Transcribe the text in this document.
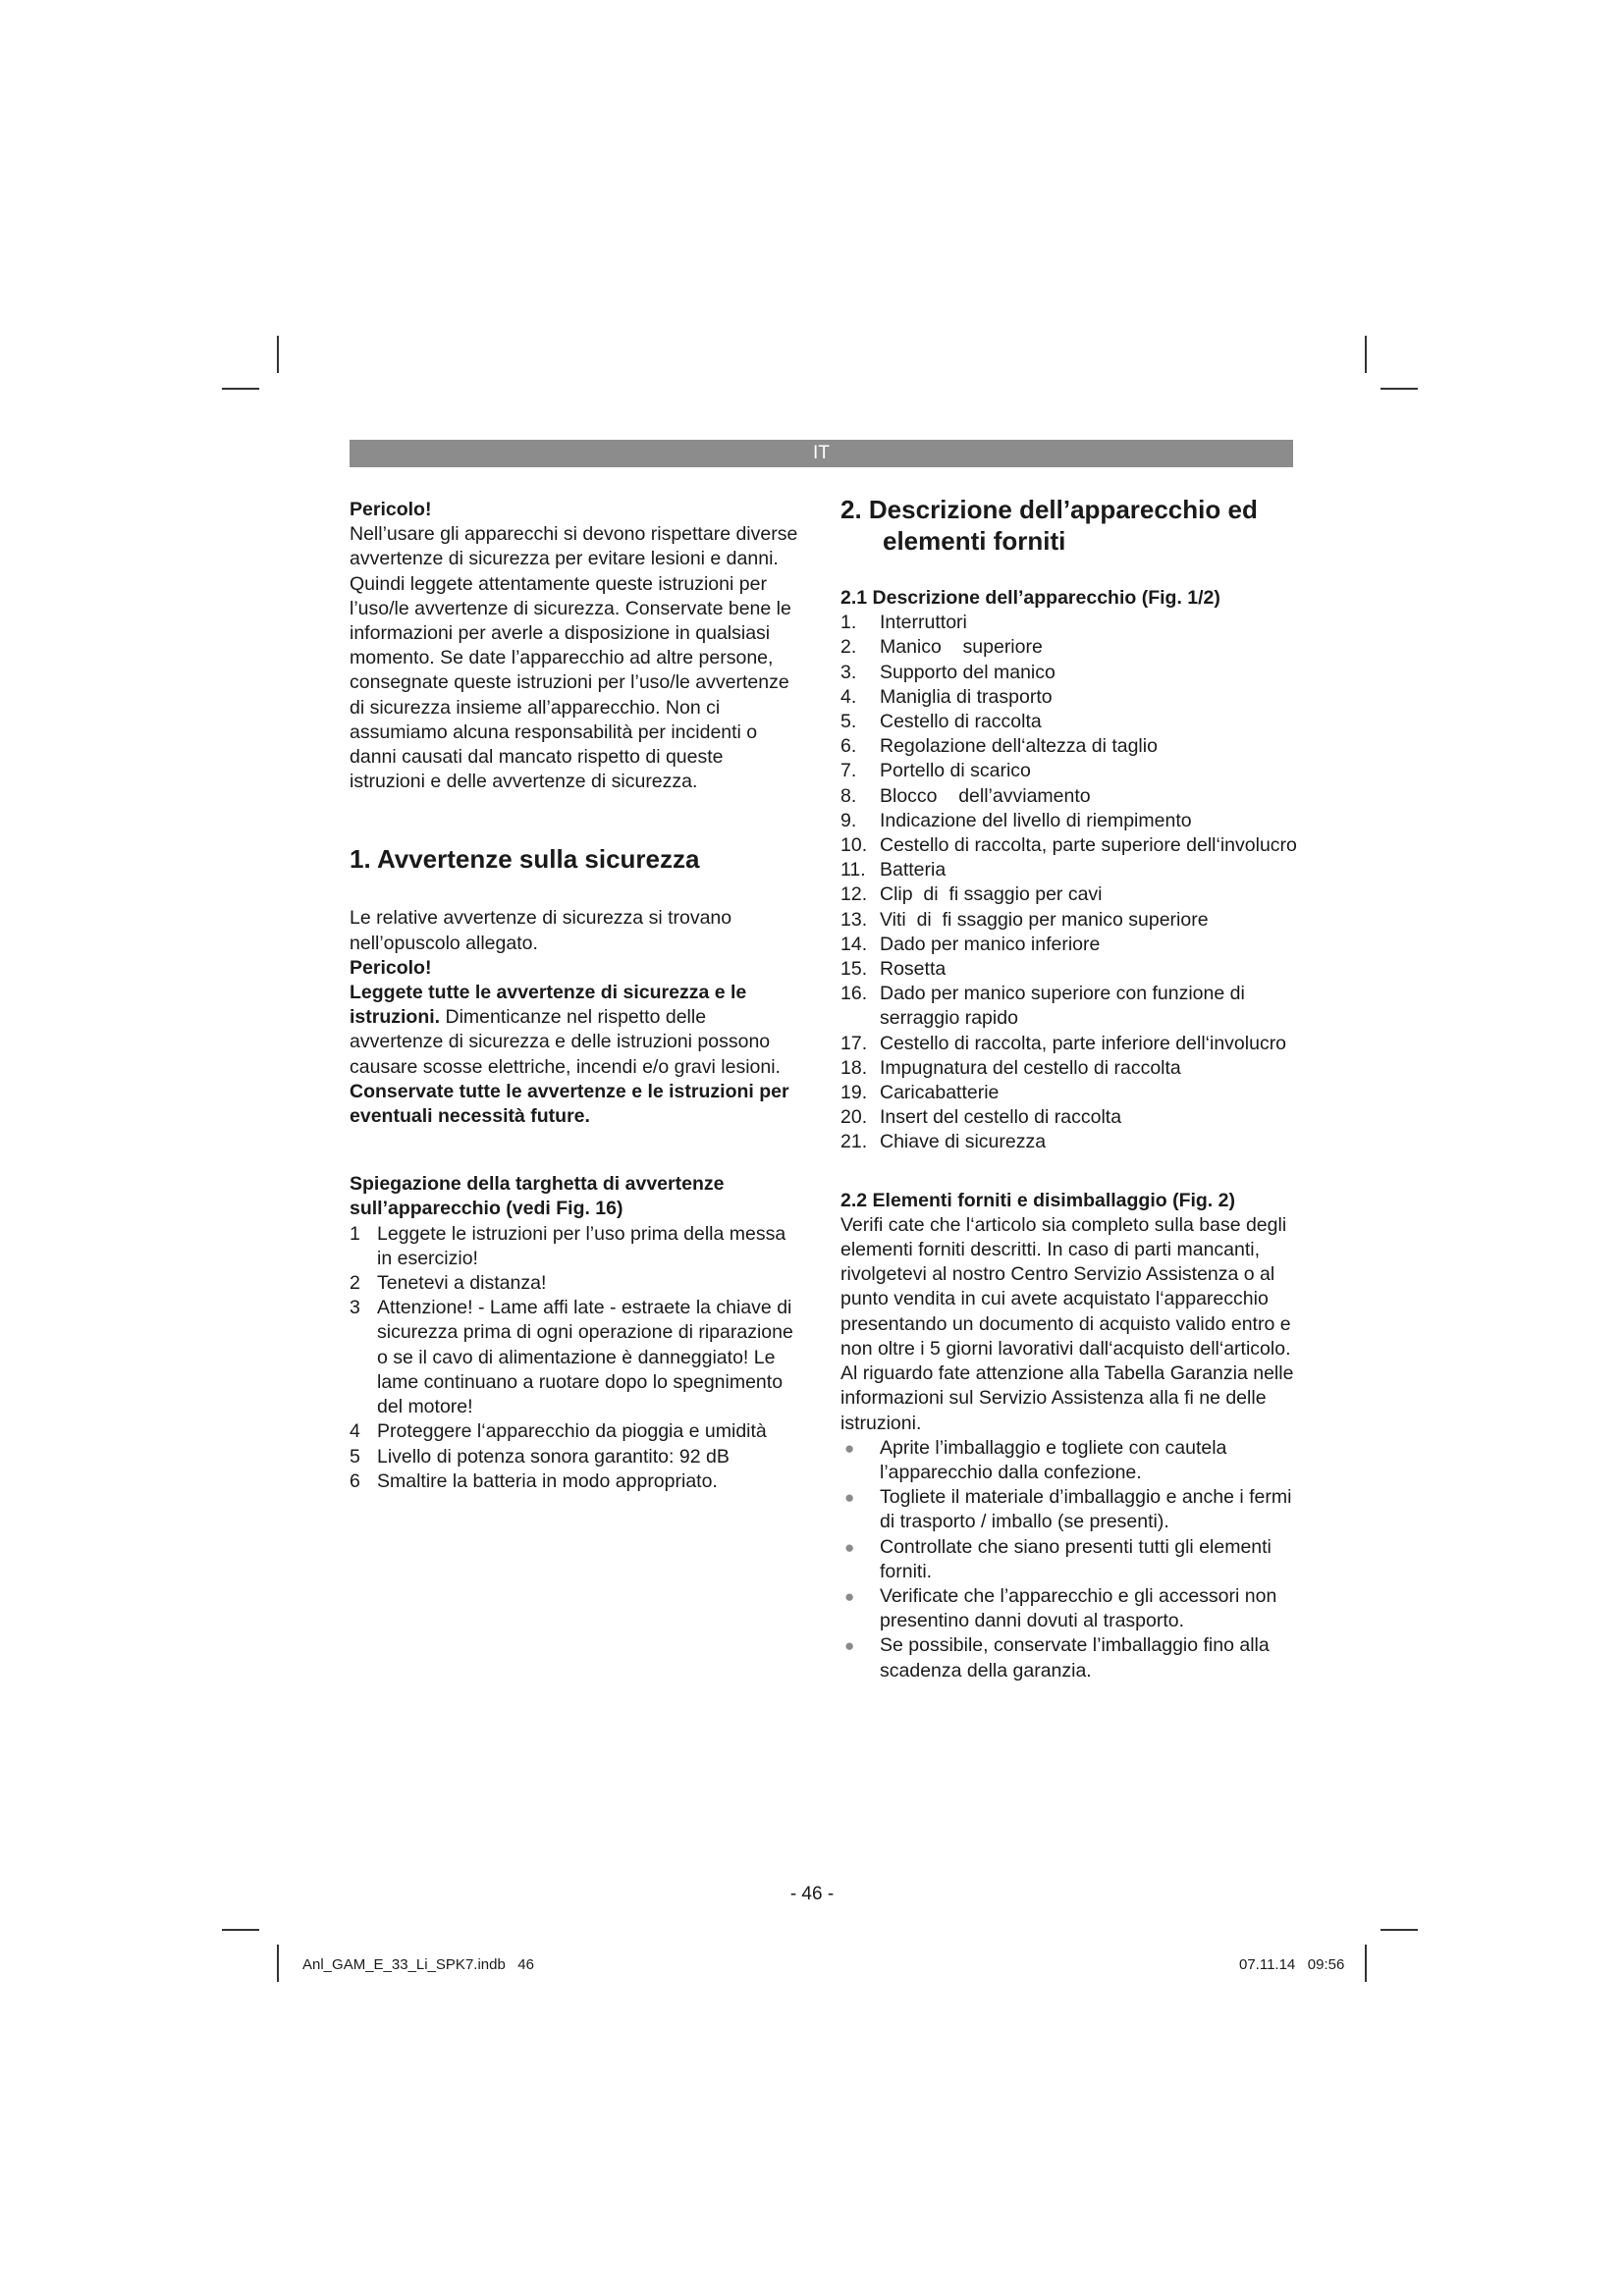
IT

Pericolo!

Nell’usare gli apparecchi si devono rispettare diverse avvertenze di sicurezza per evitare lesioni e danni. Quindi leggete attentamente queste istruzioni per l’uso/le avvertenze di sicurezza. Conservate bene le informazioni per averle a disposizione in qualsiasi momento. Se date l’apparecchio ad altre persone, consegnate queste istruzioni per l’uso/le avvertenze di sicurezza insieme all’apparecchio. Non ci assumiamo alcuna responsabilità per incidenti o danni causati dal mancato rispetto di queste istruzioni e delle avvertenze di sicurezza.

1. Avvertenze sulla sicurezza

Le relative avvertenze di sicurezza si trovano nell’opuscolo allegato.

Pericolo!

Leggete tutte le avvertenze di sicurezza e le istruzioni. Dimenticanze nel rispetto delle avvertenze di sicurezza e delle istruzioni possono causare scosse elettriche, incendi e/o gravi lesioni.

Conservate tutte le avvertenze e le istruzioni per eventuali necessità future.

Spiegazione della targhetta di avvertenze sull’apparecchio (vedi Fig. 16)

1 Leggete le istruzioni per l’uso prima della messa in esercizio!
2 Tenetevi a distanza!
3 Attenzione! - Lame affi late - estraete la chiave di sicurezza prima di ogni operazione di riparazione o se il cavo di alimentazione è danneggiato! Le lame continuano a ruotare dopo lo spegnimento del motore!
4 Proteggere l‘apparecchio da pioggia e umidità
5 Livello di potenza sonora garantito: 92 dB
6 Smaltire la batteria in modo appropriato.
2. Descrizione dell’apparecchio ed elementi forniti

2.1 Descrizione dell’apparecchio (Fig. 1/2)

1. Interruttori
2. Manico    superiore
3. Supporto del manico
4. Maniglia di trasporto
5. Cestello di raccolta
6. Regolazione dell‘altezza di taglio
7. Portello di scarico
8. Blocco    dell’avviamento
9. Indicazione del livello di riempimento
10. Cestello di raccolta, parte superiore dell‘involucro
11. Batteria
12. Clip  di  fi ssaggio per cavi
13. Viti  di  fi ssaggio per manico superiore
14. Dado per manico inferiore
15. Rosetta
16. Dado per manico superiore con funzione di serraggio rapido
17. Cestello di raccolta, parte inferiore dell‘involucro
18. Impugnatura del cestello di raccolta
19. Caricabatterie
20. Insert del cestello di raccolta
21. Chiave di sicurezza

2.2 Elementi forniti e disimballaggio (Fig. 2)

Verifi cate che l‘articolo sia completo sulla base degli elementi forniti descritti. In caso di parti mancanti, rivolgetevi al nostro Centro Servizio Assistenza o al punto vendita in cui avete acquistato l‘apparecchio presentando un documento di acquisto valido entro e non oltre i 5 giorni lavorativi dall‘acquisto dell‘articolo. Al riguardo fate attenzione alla Tabella Garanzia nelle informazioni sul Servizio Assistenza alla fi ne delle istruzioni.

● Aprite l’imballaggio e togliete con cautela l’apparecchio dalla confezione.
● Togliete il materiale d’imballaggio e anche i fermi di trasporto / imballo (se presenti).
● Controllate che siano presenti tutti gli elementi forniti.
● Verificate che l’apparecchio e gli accessori non presentino danni dovuti al trasporto.
● Se possibile, conservate l’imballaggio fino alla scadenza della garanzia.
- 46 -
Anl_GAM_E_33_Li_SPK7.indb   46	07.11.14   09:56
